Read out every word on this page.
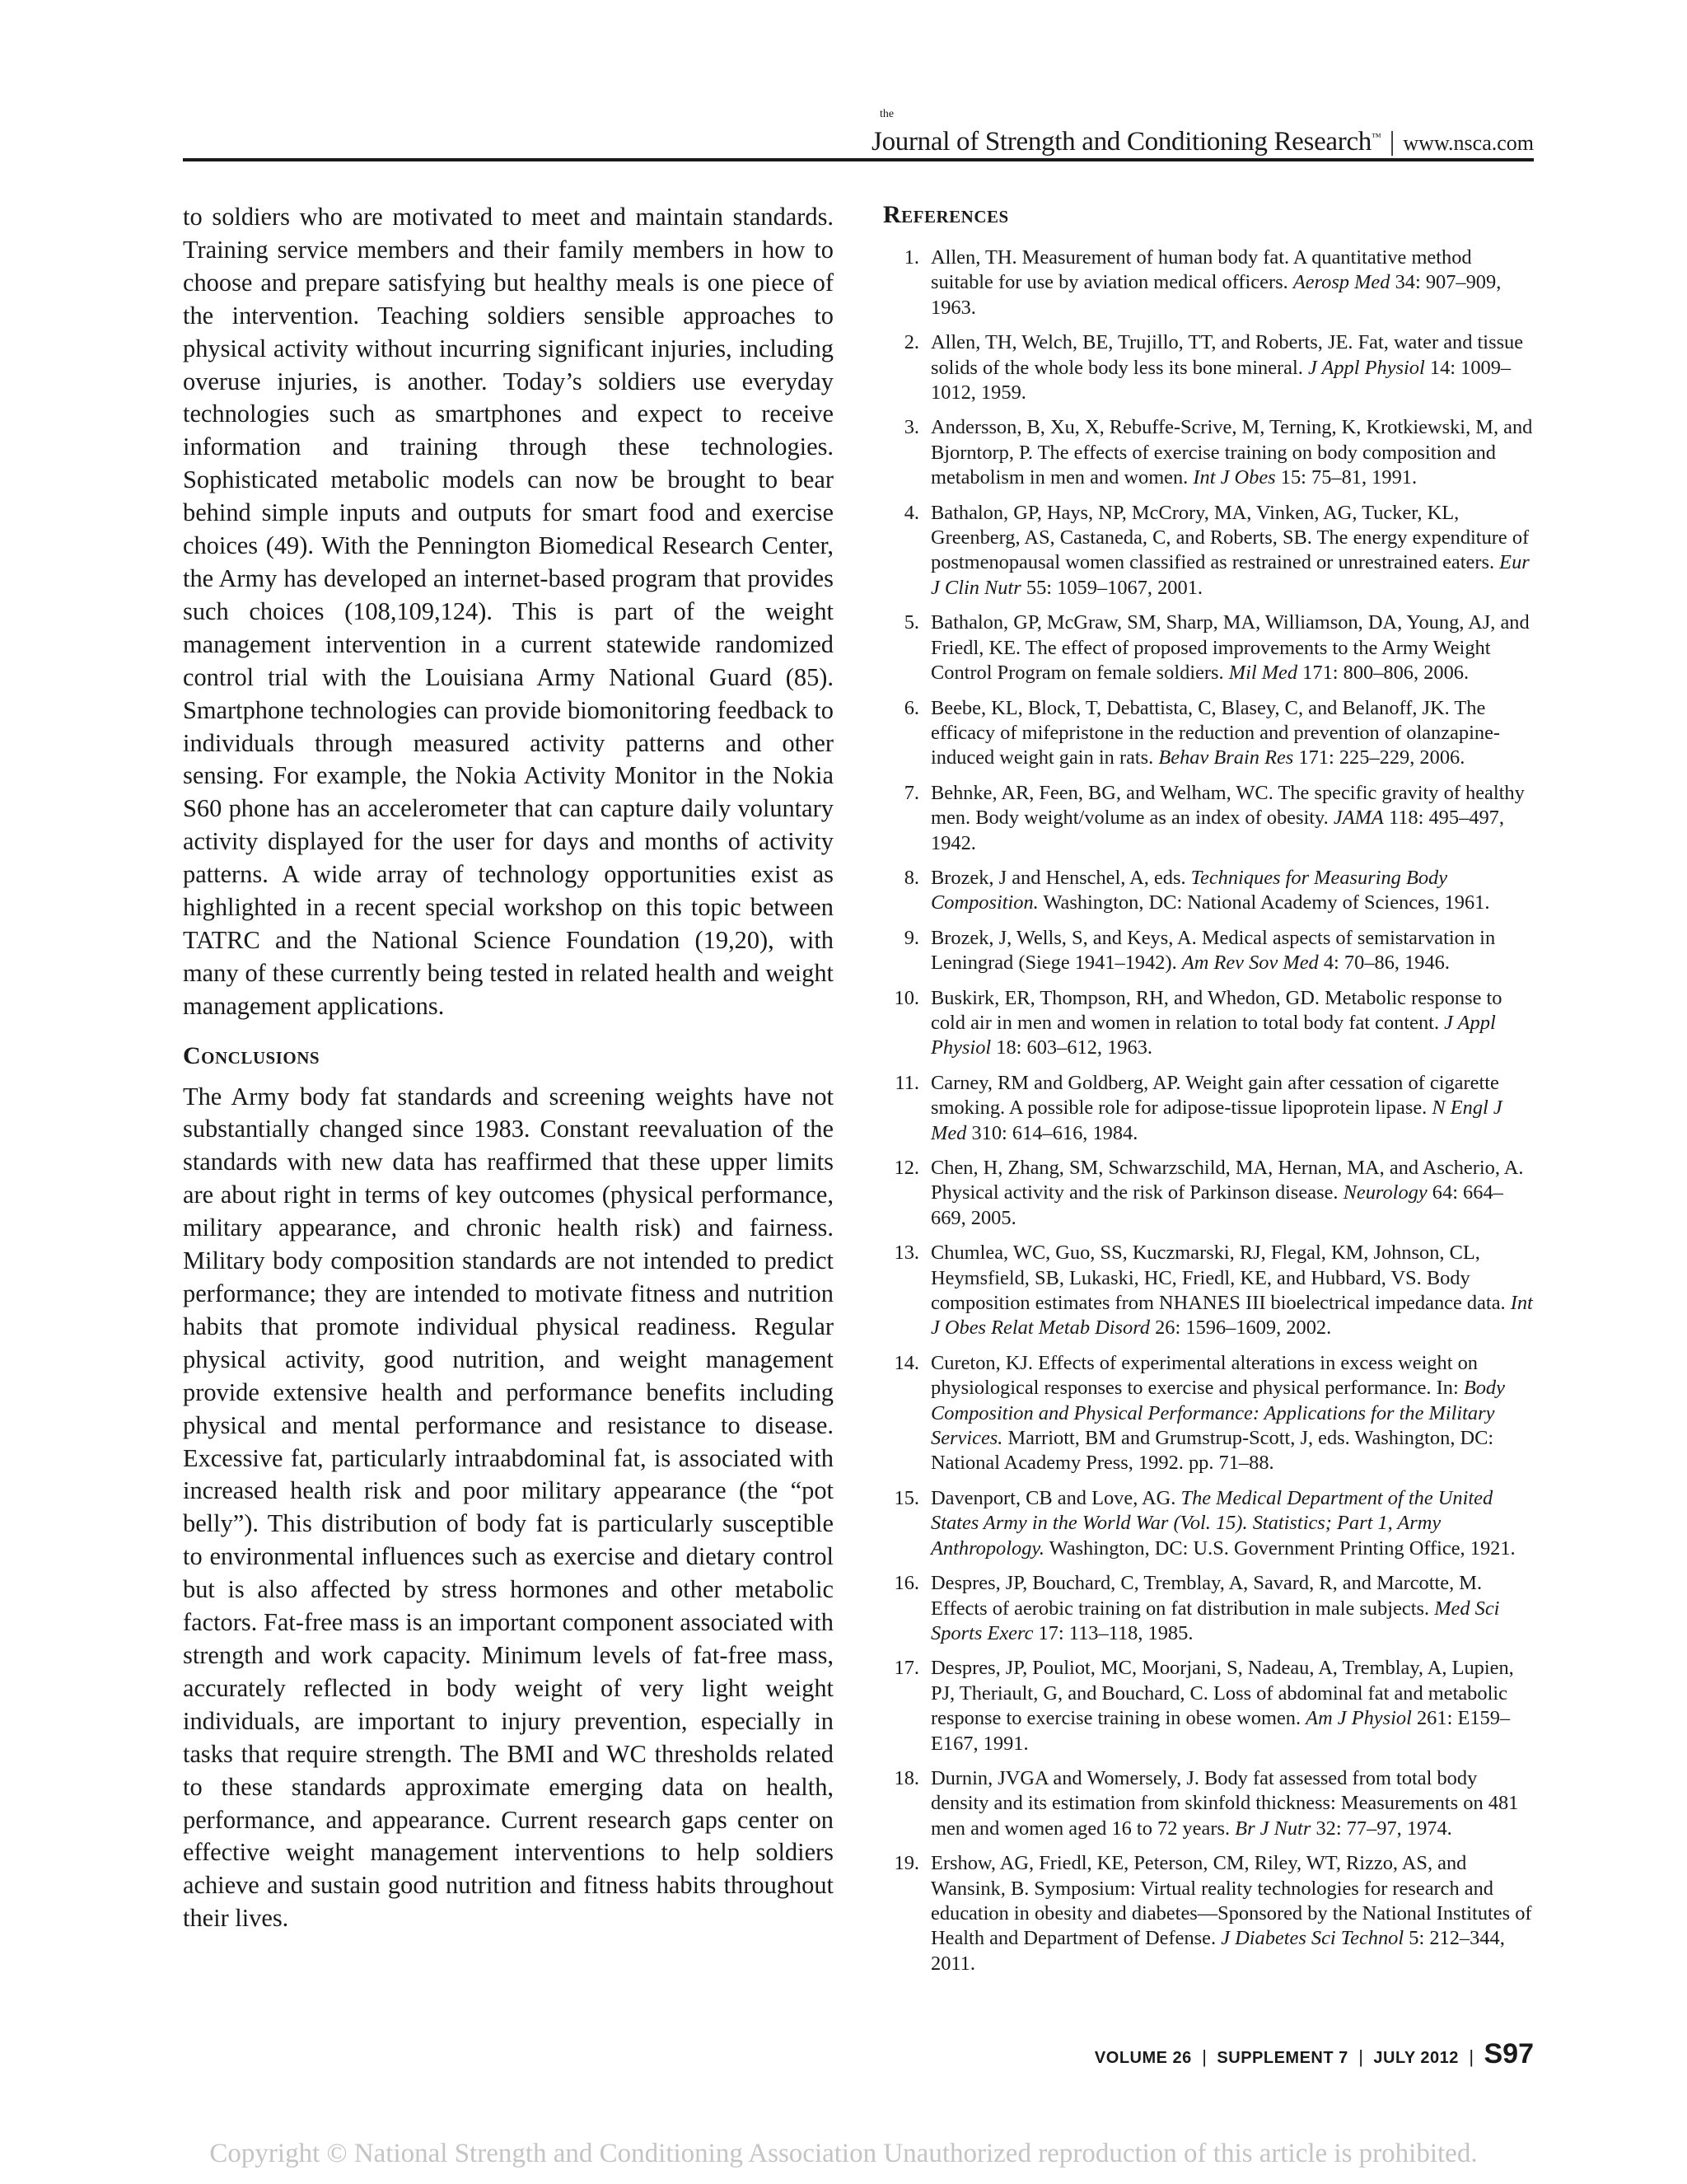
the
Journal of Strength and Conditioning Research™ | www.nsca.com

to soldiers who are motivated to meet and maintain standards. Training service members and their family members in how to choose and prepare satisfying but healthy meals is one piece of the intervention. Teaching soldiers sensible approaches to physical activity without incurring significant injuries, including overuse injuries, is another. Today’s soldiers use everyday technologies such as smartphones and expect to receive information and training through these technologies. Sophisticated metabolic models can now be brought to bear behind simple inputs and outputs for smart food and exercise choices (49). With the Pennington Biomedical Research Center, the Army has developed an internet-based program that provides such choices (108,109,124). This is part of the weight management intervention in a current statewide randomized control trial with the Louisiana Army National Guard (85). Smartphone technologies can provide biomonitoring feedback to individuals through measured activity patterns and other sensing. For example, the Nokia Activity Monitor in the Nokia S60 phone has an accelerometer that can capture daily voluntary activity displayed for the user for days and months of activity patterns. A wide array of technology opportunities exist as highlighted in a recent special workshop on this topic between TATRC and the National Science Foundation (19,20), with many of these currently being tested in related health and weight management applications.

Conclusions

The Army body fat standards and screening weights have not substantially changed since 1983. Constant reevaluation of the standards with new data has reaffirmed that these upper limits are about right in terms of key outcomes (physical performance, military appearance, and chronic health risk) and fairness. Military body composition standards are not intended to predict performance; they are intended to motivate fitness and nutrition habits that promote individual physical readiness. Regular physical activity, good nutrition, and weight management provide extensive health and performance benefits including physical and mental performance and resistance to disease. Excessive fat, particularly intraabdominal fat, is associated with increased health risk and poor military appearance (the “pot belly”). This distribution of body fat is particularly susceptible to environmental influences such as exercise and dietary control but is also affected by stress hormones and other metabolic factors. Fat-free mass is an important component associated with strength and work capacity. Minimum levels of fat-free mass, accurately reflected in body weight of very light weight individuals, are important to injury prevention, especially in tasks that require strength. The BMI and WC thresholds related to these standards approximate emerging data on health, performance, and appearance. Current research gaps center on effective weight management interventions to help soldiers achieve and sustain good nutrition and fitness habits throughout their lives.

References
1. Allen, TH. Measurement of human body fat. A quantitative method suitable for use by aviation medical officers. Aerosp Med 34: 907–909, 1963.
2. Allen, TH, Welch, BE, Trujillo, TT, and Roberts, JE. Fat, water and tissue solids of the whole body less its bone mineral. J Appl Physiol 14: 1009–1012, 1959.
3. Andersson, B, Xu, X, Rebuffe-Scrive, M, Terning, K, Krotkiewski, M, and Bjorntorp, P. The effects of exercise training on body composition and metabolism in men and women. Int J Obes 15: 75–81, 1991.
4. Bathalon, GP, Hays, NP, McCrory, MA, Vinken, AG, Tucker, KL, Greenberg, AS, Castaneda, C, and Roberts, SB. The energy expenditure of postmenopausal women classified as restrained or unrestrained eaters. Eur J Clin Nutr 55: 1059–1067, 2001.
5. Bathalon, GP, McGraw, SM, Sharp, MA, Williamson, DA, Young, AJ, and Friedl, KE. The effect of proposed improvements to the Army Weight Control Program on female soldiers. Mil Med 171: 800–806, 2006.
6. Beebe, KL, Block, T, Debattista, C, Blasey, C, and Belanoff, JK. The efficacy of mifepristone in the reduction and prevention of olanzapine-induced weight gain in rats. Behav Brain Res 171: 225–229, 2006.
7. Behnke, AR, Feen, BG, and Welham, WC. The specific gravity of healthy men. Body weight/volume as an index of obesity. JAMA 118: 495–497, 1942.
8. Brozek, J and Henschel, A, eds. Techniques for Measuring Body Composition. Washington, DC: National Academy of Sciences, 1961.
9. Brozek, J, Wells, S, and Keys, A. Medical aspects of semistarvation in Leningrad (Siege 1941–1942). Am Rev Sov Med 4: 70–86, 1946.
10. Buskirk, ER, Thompson, RH, and Whedon, GD. Metabolic response to cold air in men and women in relation to total body fat content. J Appl Physiol 18: 603–612, 1963.
11. Carney, RM and Goldberg, AP. Weight gain after cessation of cigarette smoking. A possible role for adipose-tissue lipoprotein lipase. N Engl J Med 310: 614–616, 1984.
12. Chen, H, Zhang, SM, Schwarzschild, MA, Hernan, MA, and Ascherio, A. Physical activity and the risk of Parkinson disease. Neurology 64: 664–669, 2005.
13. Chumlea, WC, Guo, SS, Kuczmarski, RJ, Flegal, KM, Johnson, CL, Heymsfield, SB, Lukaski, HC, Friedl, KE, and Hubbard, VS. Body composition estimates from NHANES III bioelectrical impedance data. Int J Obes Relat Metab Disord 26: 1596–1609, 2002.
14. Cureton, KJ. Effects of experimental alterations in excess weight on physiological responses to exercise and physical performance. In: Body Composition and Physical Performance: Applications for the Military Services. Marriott, BM and Grumstrup-Scott, J, eds. Washington, DC: National Academy Press, 1992. pp. 71–88.
15. Davenport, CB and Love, AG. The Medical Department of the United States Army in the World War (Vol. 15). Statistics; Part 1, Army Anthropology. Washington, DC: U.S. Government Printing Office, 1921.
16. Despres, JP, Bouchard, C, Tremblay, A, Savard, R, and Marcotte, M. Effects of aerobic training on fat distribution in male subjects. Med Sci Sports Exerc 17: 113–118, 1985.
17. Despres, JP, Pouliot, MC, Moorjani, S, Nadeau, A, Tremblay, A, Lupien, PJ, Theriault, G, and Bouchard, C. Loss of abdominal fat and metabolic response to exercise training in obese women. Am J Physiol 261: E159–E167, 1991.
18. Durnin, JVGA and Womersely, J. Body fat assessed from total body density and its estimation from skinfold thickness: Measurements on 481 men and women aged 16 to 72 years. Br J Nutr 32: 77–97, 1974.
19. Ershow, AG, Friedl, KE, Peterson, CM, Riley, WT, Rizzo, AS, and Wansink, B. Symposium: Virtual reality technologies for research and education in obesity and diabetes—Sponsored by the National Institutes of Health and Department of Defense. J Diabetes Sci Technol 5: 212–344, 2011.
VOLUME 26 | SUPPLEMENT 7 | JULY 2012 | S97
Copyright © National Strength and Conditioning Association Unauthorized reproduction of this article is prohibited.
